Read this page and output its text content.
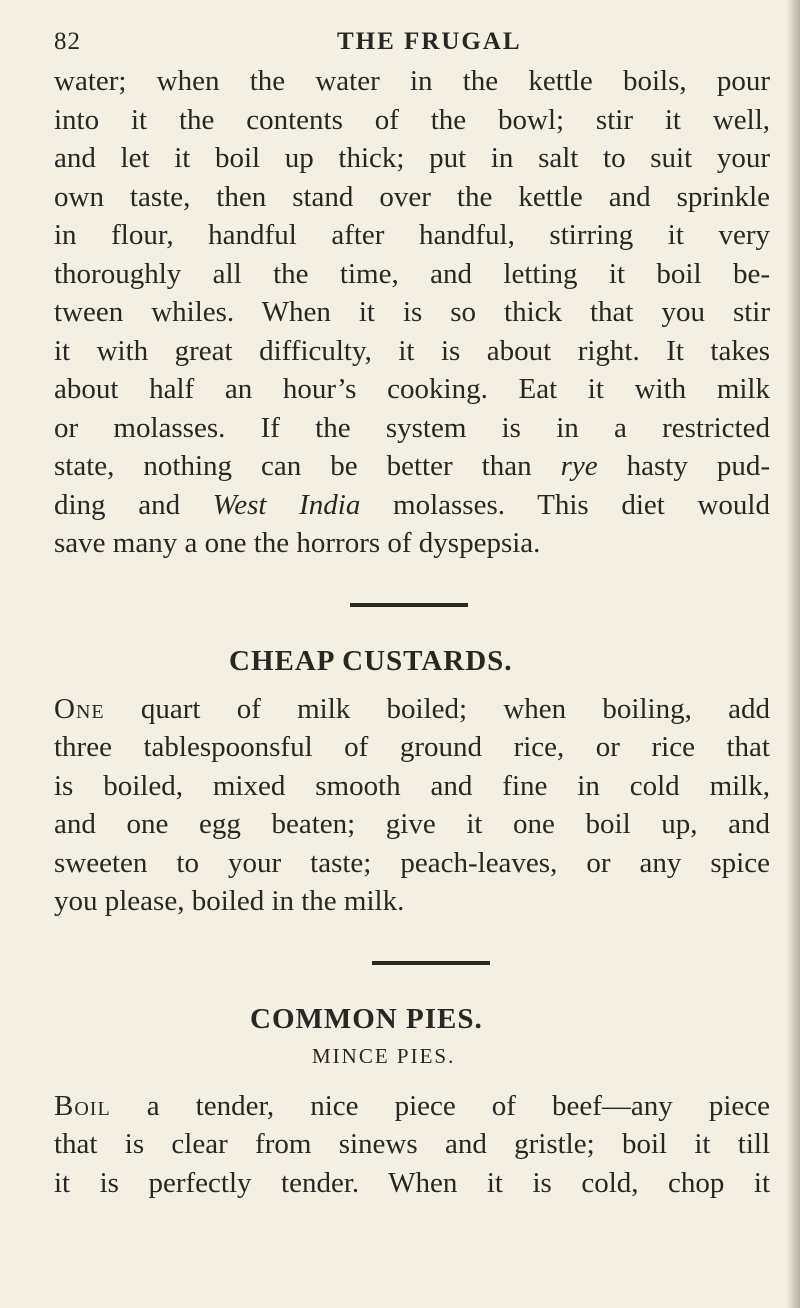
82	THE FRUGAL

water; when the water in the kettle boils, pour
into it the contents of the bowl; stir it well,
and let it boil up thick; put in salt to suit your
own taste, then stand over the kettle and sprinkle
in flour, handful after handful, stirring it very
thoroughly all the time, and letting it boil be-
tween whiles. When it is so thick that you stir
it with great difficulty, it is about right. It takes
about half an hour’s cooking. Eat it with milk
or molasses. If the system is in a restricted
state, nothing can be better than rye hasty pud-
ding and West India molasses. This diet would
save many a one the horrors of dyspepsia.

CHEAP CUSTARDS.

One quart of milk boiled; when boiling, add
three tablespoonsful of ground rice, or rice that
is boiled, mixed smooth and fine in cold milk,
and one egg beaten; give it one boil up, and
sweeten to your taste; peach-leaves, or any spice
you please, boiled in the milk.

COMMON PIES.
MINCE PIES.

Boil a tender, nice piece of beef—any piece
that is clear from sinews and gristle; boil it till
it is perfectly tender. When it is cold, chop it
